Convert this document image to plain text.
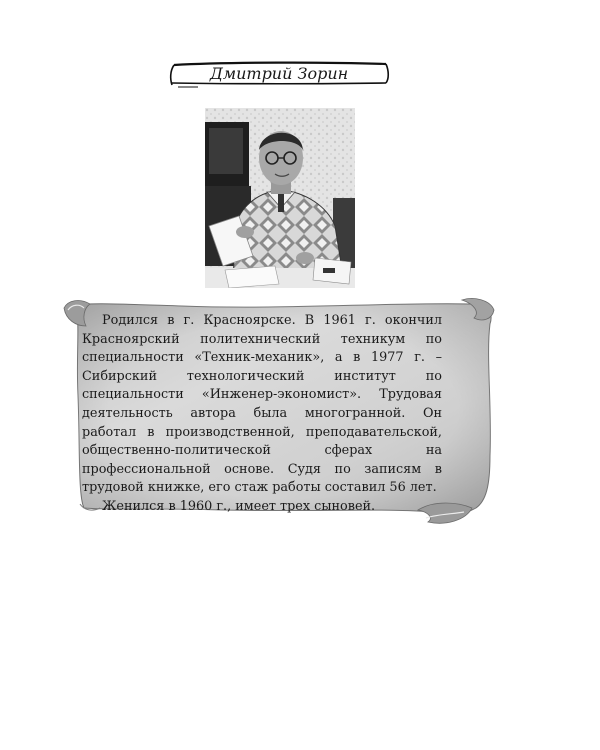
Дмитрий Зорин

Родился в г. Красноярске. В 1961 г. окончил Красноярский политехнический техникум по специальности «Техник-механик», а в 1977 г. – Сибирский технологический институт по специальности «Инженер-экономист». Трудовая деятельность автора была многогранной. Он работал в производственной, преподавательской, общественно-политической сферах на профессиональной основе. Судя по записям в трудовой книжке, его стаж работы составил 56 лет.

Женился в 1960 г., имеет трех сыновей.
